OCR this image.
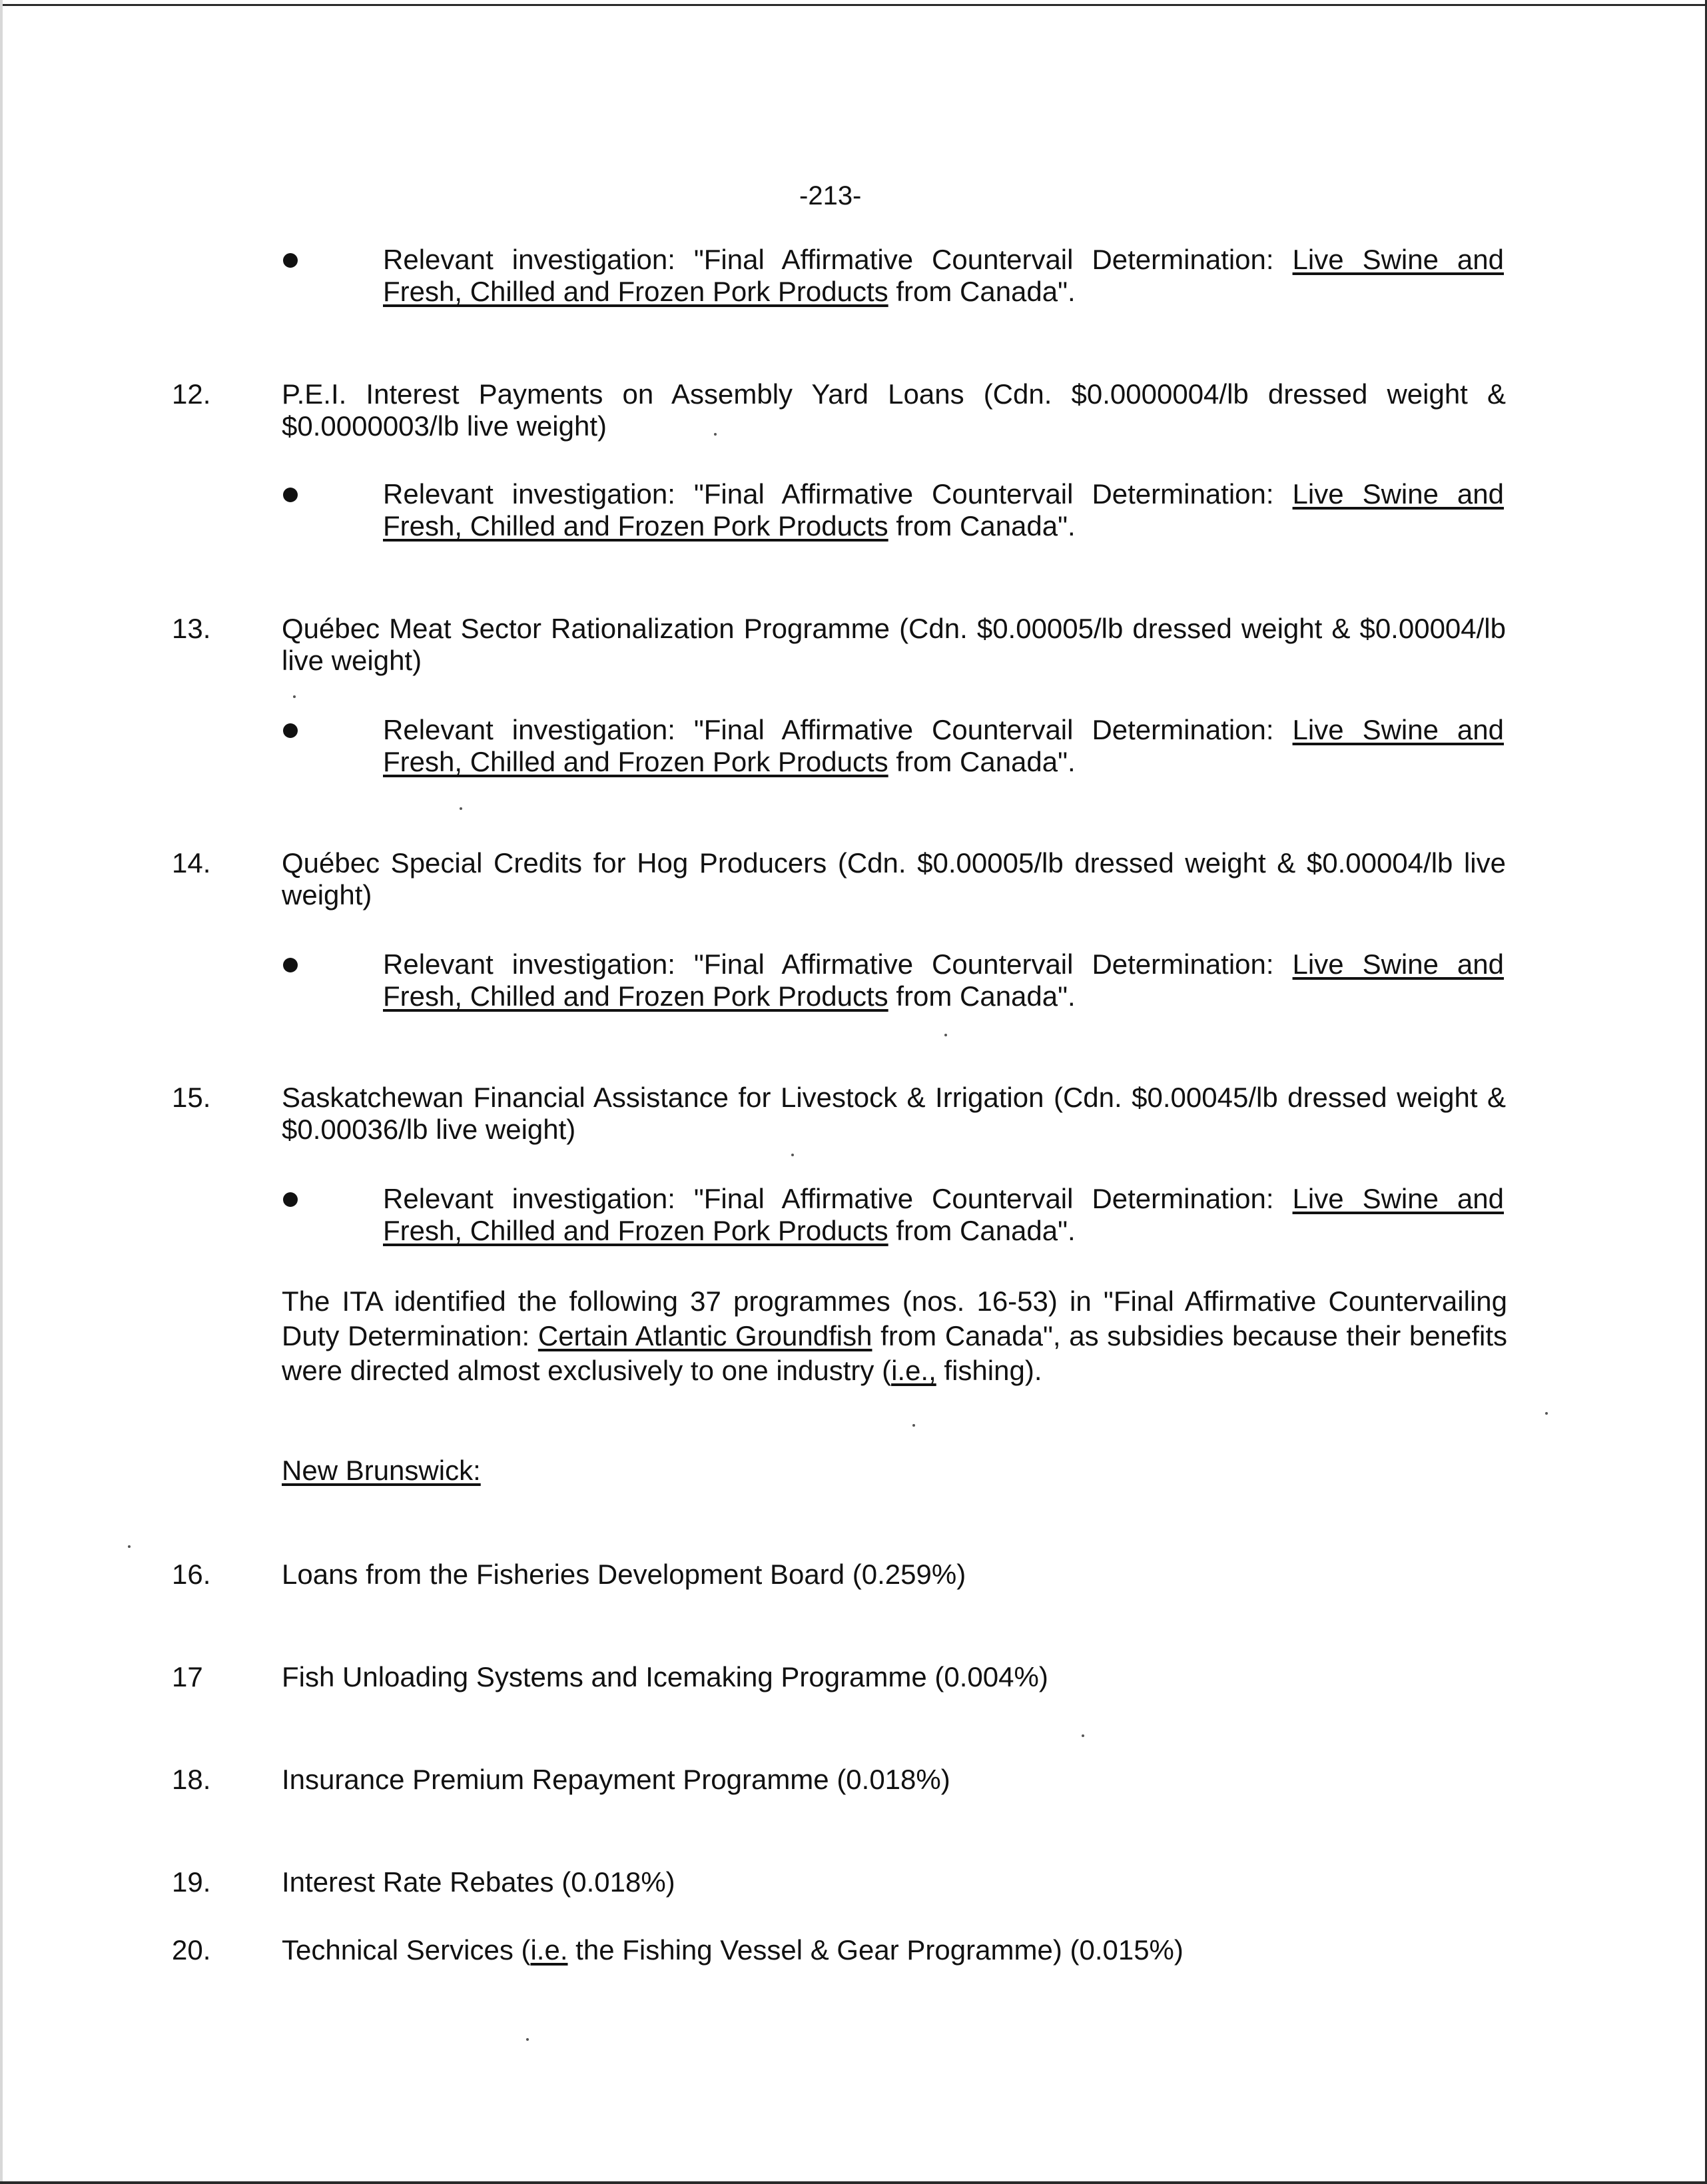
-213-
Relevant investigation: "Final Affirmative Countervail Determination: Live Swine and Fresh, Chilled and Frozen Pork Products from Canada".
12.	P.E.I. Interest Payments on Assembly Yard Loans (Cdn. $0.0000004/lb dressed weight & $0.0000003/lb live weight)
Relevant investigation: "Final Affirmative Countervail Determination: Live Swine and Fresh, Chilled and Frozen Pork Products from Canada".
13.	Québec Meat Sector Rationalization Programme (Cdn. $0.00005/lb dressed weight & $0.00004/lb live weight)
Relevant investigation: "Final Affirmative Countervail Determination: Live Swine and Fresh, Chilled and Frozen Pork Products from Canada".
14.	Québec Special Credits for Hog Producers (Cdn. $0.00005/lb dressed weight & $0.00004/lb live weight)
Relevant investigation: "Final Affirmative Countervail Determination: Live Swine and Fresh, Chilled and Frozen Pork Products from Canada".
15.	Saskatchewan Financial Assistance for Livestock & Irrigation (Cdn. $0.00045/lb dressed weight & $0.00036/lb live weight)
Relevant investigation: "Final Affirmative Countervail Determination: Live Swine and Fresh, Chilled and Frozen Pork Products from Canada".
The ITA identified the following 37 programmes (nos. 16-53) in "Final Affirmative Countervailing Duty Determination: Certain Atlantic Groundfish from Canada", as subsidies because their benefits were directed almost exclusively to one industry (i.e., fishing).
New Brunswick:
16.	Loans from the Fisheries Development Board (0.259%)
17	Fish Unloading Systems and Icemaking Programme (0.004%)
18.	Insurance Premium Repayment Programme (0.018%)
19.	Interest Rate Rebates (0.018%)
20.	Technical Services (i.e. the Fishing Vessel & Gear Programme) (0.015%)
